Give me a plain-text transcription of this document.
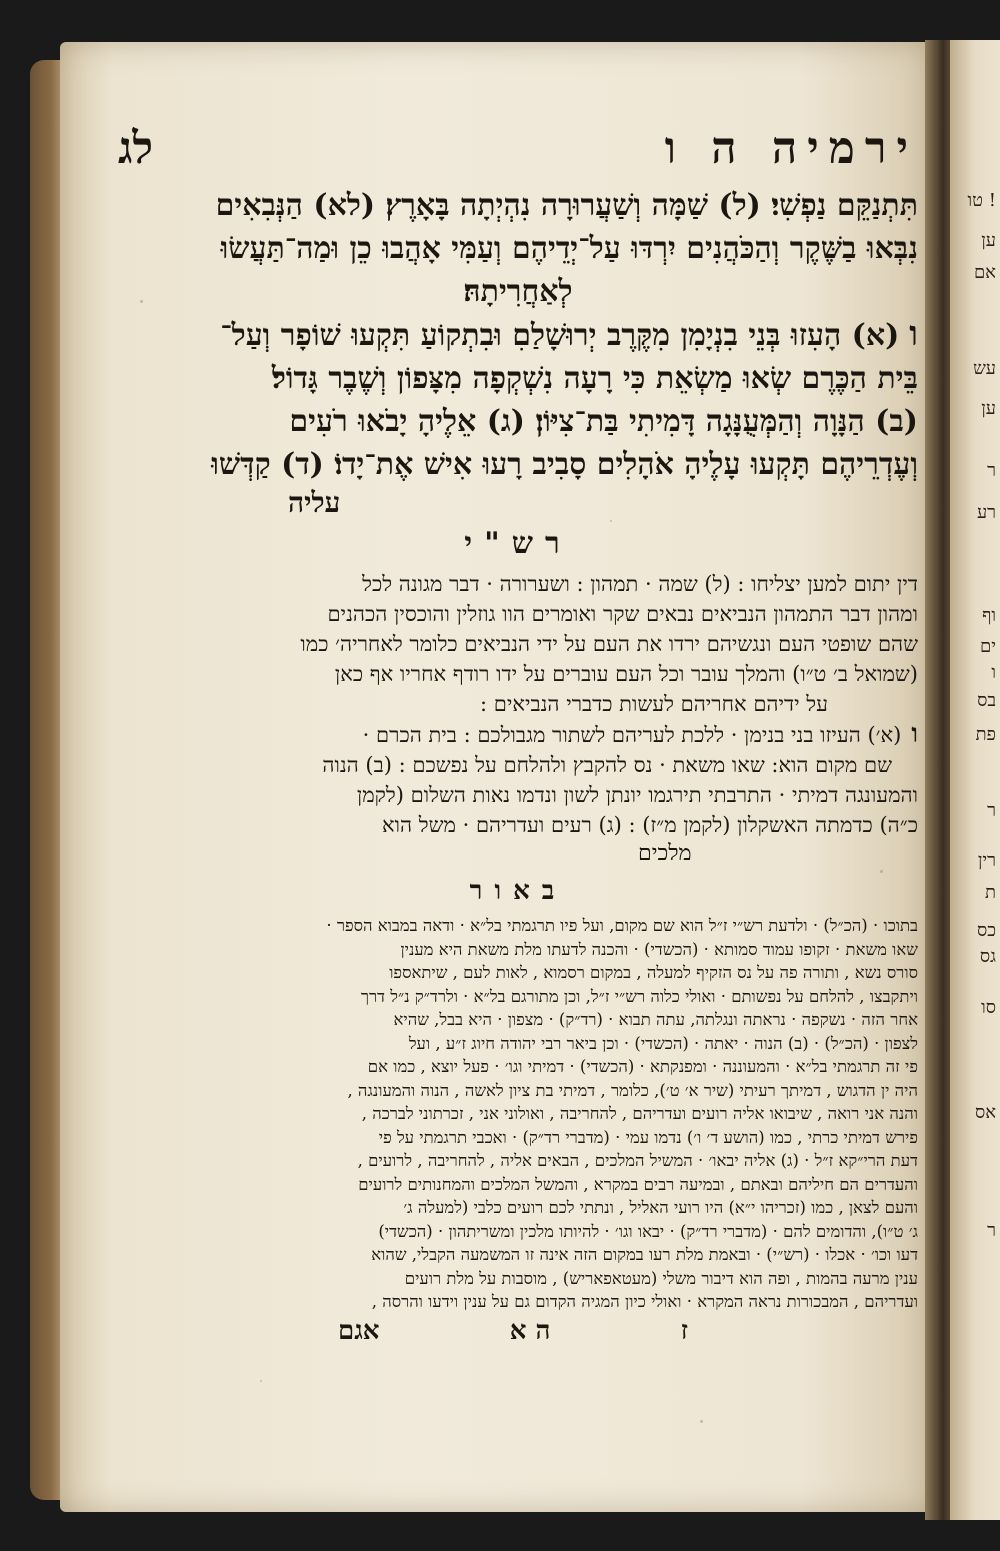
טו !
ען
אם
עש
ען
ר
רע
וף
ים
ו
בס
פת
ר
רין
ת
כס
גס
סו
אס
ר
ירמיה ה ו
לג
תִּתְנַקֵּם נַפְשִׁי׃ (ל) שַׁמָּה וְשַׁעֲרוּרָה נִהְיְתָה בָּאָרֶץ׃ (לא) הַנְּבִאִים
נִבְּאוּ בַשֶּׁקֶר וְהַכֹּהֲנִים יִרְדּוּ עַל־יְדֵיהֶם וְעַמִּי אָהֲבוּ כֵן וּמַה־תַּעֲשׂוּ
לְאַחֲרִיתָהּ׃
ו(א) הָעִזוּ בְּנֵי בִנְיָמִן מִקֶּרֶב יְרוּשָׁלַםִ וּבִתְקוֹעַ תִּקְעוּ שׁוֹפָר וְעַל־
בֵּית הַכֶּרֶם שְׂאוּ מַשְׂאֵת כִּי רָעָה נִשְׁקְפָה מִצָּפוֹן וְשֶׁבֶר גָּדוֹל׃
(ב) הַנָּוָה וְהַמְּעֻנָּגָה דָּמִיתִי בַּת־צִיּוֹן׃ (ג) אֵלֶיהָ יָבֹאוּ רֹעִים
וְעֶדְרֵיהֶם תָּקְעוּ עָלֶיהָ אֹהָלִים סָבִיב רָעוּ אִישׁ אֶת־יָדוֹ׃ (ד) קַדְּשׁוּ
עליה
רש"י
דין יתום למען יצליחו : (ל) שמה · תמהון : ושערורה · דבר מגונה לכל
ומהון דבר התמהון הנביאים נבאים שקר ואומרים הוו גוזלין והוכסין הכהנים
שהם שופטי העם ונגשיהם ירדו את העם על ידי הנביאים כלומר לאחריה׳ כמו
(שמואל ב׳ ט״ו) והמלך עובר וכל העם עוברים על ידו רודף אחריו אף כאן
על ידיהם אחריהם לעשות כדברי הנביאים :
ו(א׳) העיזו בני בנימן · ללכת לעריהם לשתור מגבולכם : בית הכרם ·
שם מקום הוא: שאו משאת · נס להקבץ ולהלחם על נפשכם : (ב) הנוה
והמעונגה דמיתי · התרבתי תירגמו יונתן לשון ונדמו נאות השלום (לקמן
כ״ה) כדמתה האשקלון (לקמן מ״ז) : (ג) רעים ועדריהם · משל הוא
מלכים
באור
בתוכו · (הכ״ל) · ולדעת רש״י ז״ל הוא שם מקום, ועל פיו תרגמתי בל״א · ודאה במבוא הספר ·
שאו משאת · זקופו עמוד סמותא · (הכשדי) · והכנה לדעתו מלת משאת היא מענין
סורס נשא , ותורה פה על נס הזקיף למעלה , במקום רסמוא , לאות לעם , שיתאספו
ויתקבצו , להלחם על נפשותם · ואולי כלוה רש״י ז״ל, וכן מתורגם בל״א · ולרד״ק נ״ל דרך
אחר הזה · נשקפה · נראתה ונגלתה, עתה תבוא · (רד״ק) · מצפון · היא בבל, שהיא
לצפון · (הכ״ל) · (ב) הנוה · יאתה · (הכשדי) · וכן ביאר רבי יהודה חיוג ז״ע , ועל
פי זה תרגמתי בל״א · והמעוננה · ומפנקתא · (הכשדי) · דמיתי וגו׳ · פעל יוצא , כמו אם
היה ין הדגוש , דמיתך רעיתי (שיר א׳ ט׳), כלומר , דמיתי בת ציון לאשה , הנוה והמעונגה ,
והנה אני רואה , שיבואו אליה רועים ועדריהם , להחריבה , ואולוני אני , זכרתוני לברכה ,
פירש דמיתי כרתי , כמו (הושע ד׳ ו׳) נדמו עמי · (מדברי רד״ק) · ואכבי תרגמתי על פי
דעת הרי״קא ז״ל · (ג) אליה יבאו׳ · המשיל המלכים , הבאים אליה , להחריבה , לרועים ,
והעדרים הם חיליהם ובאתם , ובמיעה רבים במקרא , והמשל המלכים והמחנותים לרועים
והעם לצאן , כמו (זכריהו י״א) היו רועי האליל , ונתתי לכם רועים כלבי (למעלה ג׳
ג׳ ט״ו), והדומים להם · (מדברי רד״ק) · יבאו וגו׳ · להיותו מלכין ומשריתהון · (הכשדי)
דעו וכו׳ · אכלו · (רש״י) · ובאמת מלת רעו במקום הזה אינה זו המשמעה הקבלי, שהוא
ענין מרעה בהמות , ופה הוא דיבור משלי (מעטאפאריש) , מוסבות על מלת רועים
ועדריהם , המבכורות נראה המקרא · ואולי כיון המגיה הקדום גם על ענין וידעו והרסה ,
ז
ה א
אגם
